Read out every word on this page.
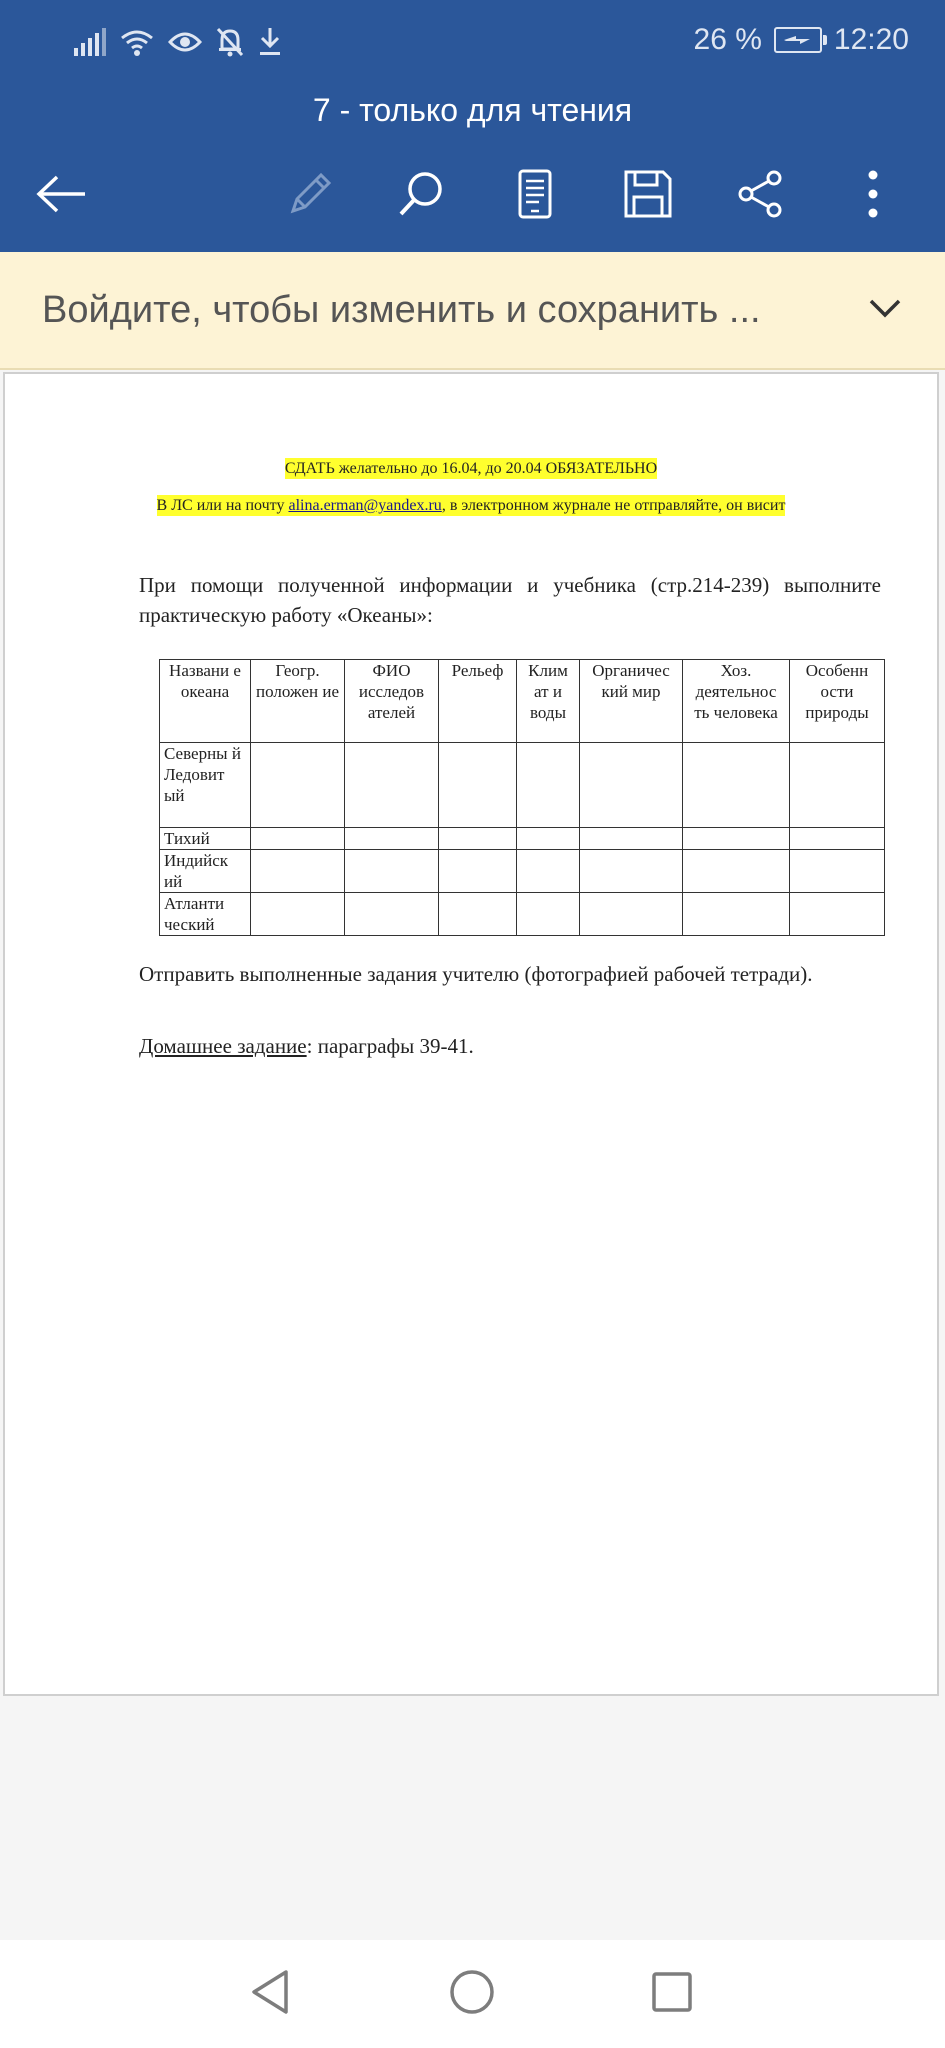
26 % 12:20
7 - только для чтения
Войдите, чтобы изменить и сохранить ...
СДАТЬ желательно до 16.04, до 20.04 ОБЯЗАТЕЛЬНО
В ЛС или на почту alina.erman@yandex.ru, в электронном журнале не отправляйте, он висит
При помощи полученной информации и учебника (стр.214-239) выполните практическую работу «Океаны»:
Названи е океана	Геогр. положен ие	ФИО исследов ателей	Рельеф	Клим ат и воды	Органичес кий мир	Хоз. деятельнос ть человека	Особенн ости природы
Северны й Ледовит ый							
Тихий							
Индийск ий							
Атланти ческий							
Отправить выполненные задания учителю (фотографией рабочей тетради).
Домашнее задание: параграфы 39-41.
